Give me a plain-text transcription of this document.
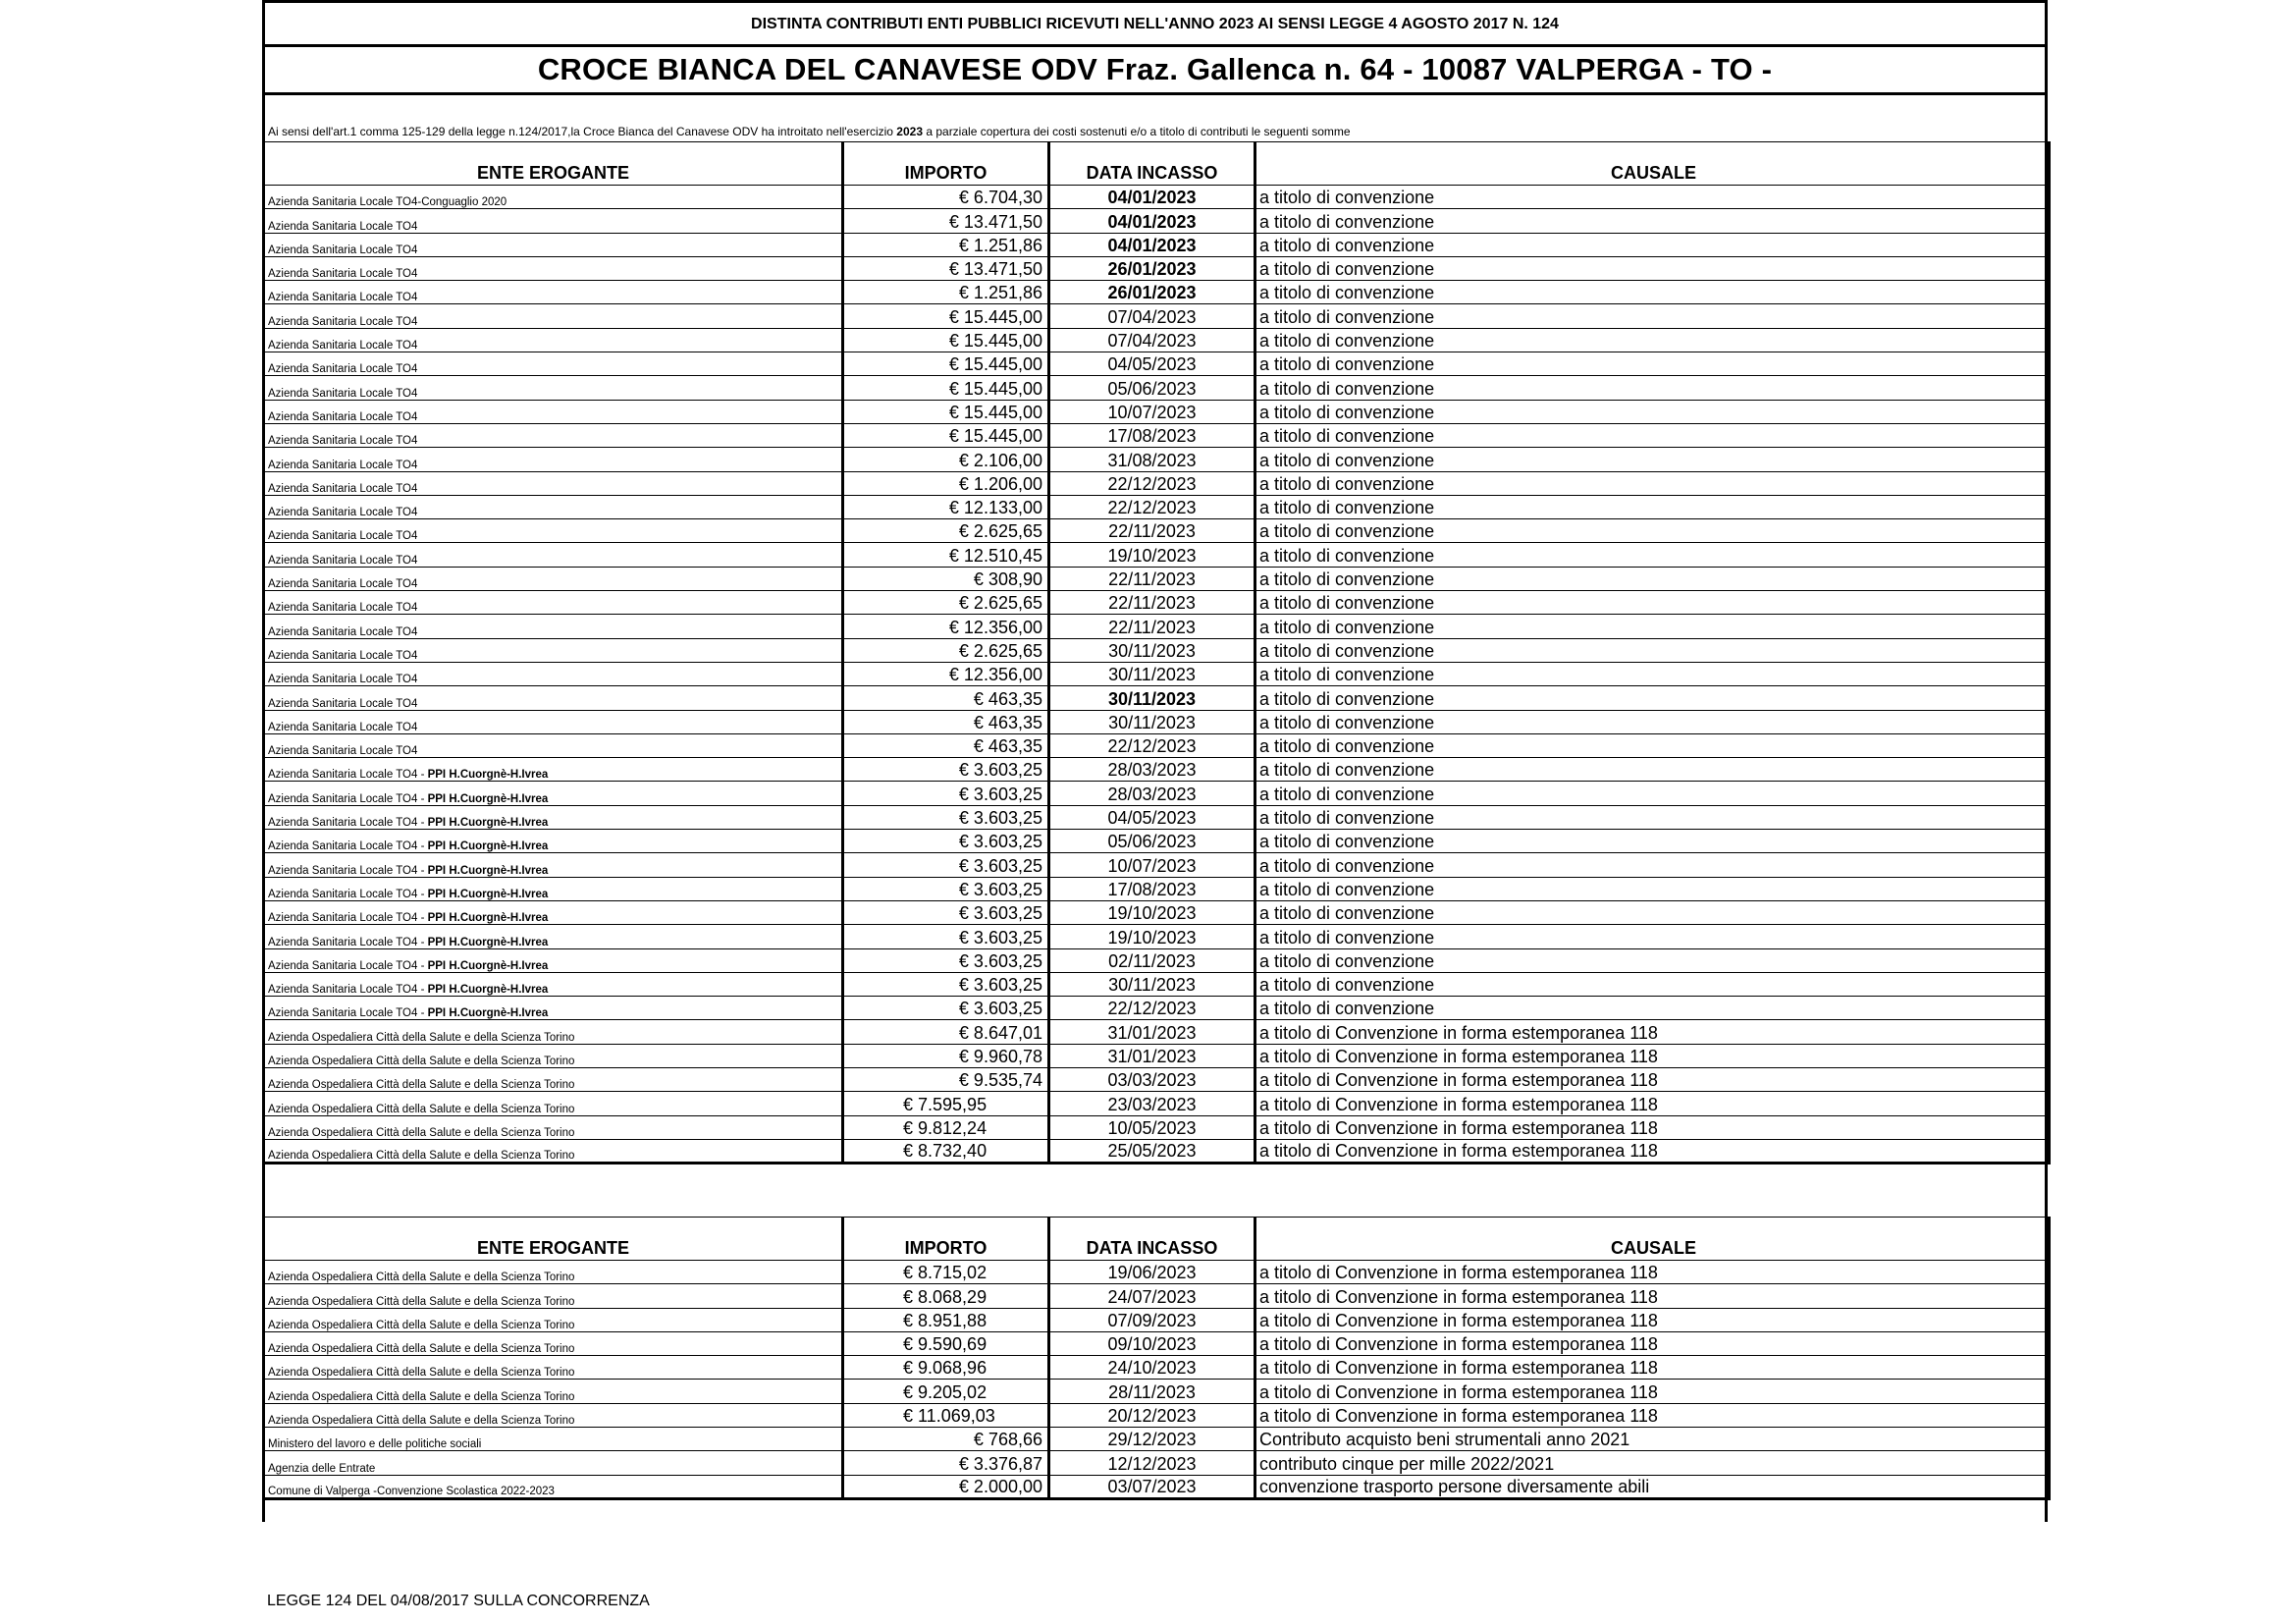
DISTINTA CONTRIBUTI ENTI PUBBLICI RICEVUTI NELL'ANNO 2023 AI SENSI LEGGE 4 AGOSTO 2017 N. 124
CROCE BIANCA DEL CANAVESE ODV Fraz. Gallenca n. 64 - 10087 VALPERGA - TO -
Ai sensi dell'art.1 comma 125-129 della legge n.124/2017,la Croce Bianca del Canavese ODV ha introitato nell'esercizio 2023 a parziale copertura dei costi sostenuti e/o a titolo di contributi le seguenti somme
ENTE EROGANTE	IMPORTO	DATA INCASSO	CAUSALE
Azienda Sanitaria Locale TO4-Conguaglio 2020	€ 6.704,30	04/01/2023	a titolo di convenzione
Azienda Sanitaria Locale TO4	€ 13.471,50	04/01/2023	a titolo di convenzione
Azienda Sanitaria Locale TO4	€ 1.251,86	04/01/2023	a titolo di convenzione
Azienda Sanitaria Locale TO4	€ 13.471,50	26/01/2023	a titolo di convenzione
Azienda Sanitaria Locale TO4	€ 1.251,86	26/01/2023	a titolo di convenzione
Azienda Sanitaria Locale TO4	€ 15.445,00	07/04/2023	a titolo di convenzione
Azienda Sanitaria Locale TO4	€ 15.445,00	07/04/2023	a titolo di convenzione
Azienda Sanitaria Locale TO4	€ 15.445,00	04/05/2023	a titolo di convenzione
Azienda Sanitaria Locale TO4	€ 15.445,00	05/06/2023	a titolo di convenzione
Azienda Sanitaria Locale TO4	€ 15.445,00	10/07/2023	a titolo di convenzione
Azienda Sanitaria Locale TO4	€ 15.445,00	17/08/2023	a titolo di convenzione
Azienda Sanitaria Locale TO4	€ 2.106,00	31/08/2023	a titolo di convenzione
Azienda Sanitaria Locale TO4	€ 1.206,00	22/12/2023	a titolo di convenzione
Azienda Sanitaria Locale TO4	€ 12.133,00	22/12/2023	a titolo di convenzione
Azienda Sanitaria Locale TO4	€ 2.625,65	22/11/2023	a titolo di convenzione
Azienda Sanitaria Locale TO4	€ 12.510,45	19/10/2023	a titolo di convenzione
Azienda Sanitaria Locale TO4	€ 308,90	22/11/2023	a titolo di convenzione
Azienda Sanitaria Locale TO4	€ 2.625,65	22/11/2023	a titolo di convenzione
Azienda Sanitaria Locale TO4	€ 12.356,00	22/11/2023	a titolo di convenzione
Azienda Sanitaria Locale TO4	€ 2.625,65	30/11/2023	a titolo di convenzione
Azienda Sanitaria Locale TO4	€ 12.356,00	30/11/2023	a titolo di convenzione
Azienda Sanitaria Locale TO4	€ 463,35	30/11/2023	a titolo di convenzione
Azienda Sanitaria Locale TO4	€ 463,35	30/11/2023	a titolo di convenzione
Azienda Sanitaria Locale TO4	€ 463,35	22/12/2023	a titolo di convenzione
Azienda Sanitaria Locale TO4 - PPI H.Cuorgnè-H.Ivrea	€ 3.603,25	28/03/2023	a titolo di convenzione
Azienda Sanitaria Locale TO4 - PPI H.Cuorgnè-H.Ivrea	€ 3.603,25	28/03/2023	a titolo di convenzione
Azienda Sanitaria Locale TO4 - PPI H.Cuorgnè-H.Ivrea	€ 3.603,25	04/05/2023	a titolo di convenzione
Azienda Sanitaria Locale TO4 - PPI H.Cuorgnè-H.Ivrea	€ 3.603,25	05/06/2023	a titolo di convenzione
Azienda Sanitaria Locale TO4 - PPI H.Cuorgnè-H.Ivrea	€ 3.603,25	10/07/2023	a titolo di convenzione
Azienda Sanitaria Locale TO4 - PPI H.Cuorgnè-H.Ivrea	€ 3.603,25	17/08/2023	a titolo di convenzione
Azienda Sanitaria Locale TO4 - PPI H.Cuorgnè-H.Ivrea	€ 3.603,25	19/10/2023	a titolo di convenzione
Azienda Sanitaria Locale TO4 - PPI H.Cuorgnè-H.Ivrea	€ 3.603,25	19/10/2023	a titolo di convenzione
Azienda Sanitaria Locale TO4 - PPI H.Cuorgnè-H.Ivrea	€ 3.603,25	02/11/2023	a titolo di convenzione
Azienda Sanitaria Locale TO4 - PPI H.Cuorgnè-H.Ivrea	€ 3.603,25	30/11/2023	a titolo di convenzione
Azienda Sanitaria Locale TO4 - PPI H.Cuorgnè-H.Ivrea	€ 3.603,25	22/12/2023	a titolo di convenzione
Azienda Ospedaliera Città della Salute e della Scienza Torino	€ 8.647,01	31/01/2023	a titolo di Convenzione in forma estemporanea 118
Azienda Ospedaliera Città della Salute e della Scienza Torino	€ 9.960,78	31/01/2023	a titolo di Convenzione in forma estemporanea 118
Azienda Ospedaliera Città della Salute e della Scienza Torino	€ 9.535,74	03/03/2023	a titolo di Convenzione in forma estemporanea 118
Azienda Ospedaliera Città della Salute e della Scienza Torino	€ 7.595,95	23/03/2023	a titolo di Convenzione in forma estemporanea 118
Azienda Ospedaliera Città della Salute e della Scienza Torino	€ 9.812,24	10/05/2023	a titolo di Convenzione in forma estemporanea 118
Azienda Ospedaliera Città della Salute e della Scienza Torino	€ 8.732,40	25/05/2023	a titolo di Convenzione in forma estemporanea 118
ENTE EROGANTE	IMPORTO	DATA INCASSO	CAUSALE
Azienda Ospedaliera Città della Salute e della Scienza Torino	€ 8.715,02	19/06/2023	a titolo di Convenzione in forma estemporanea 118
Azienda Ospedaliera Città della Salute e della Scienza Torino	€ 8.068,29	24/07/2023	a titolo di Convenzione in forma estemporanea 118
Azienda Ospedaliera Città della Salute e della Scienza Torino	€ 8.951,88	07/09/2023	a titolo di Convenzione in forma estemporanea 118
Azienda Ospedaliera Città della Salute e della Scienza Torino	€ 9.590,69	09/10/2023	a titolo di Convenzione in forma estemporanea 118
Azienda Ospedaliera Città della Salute e della Scienza Torino	€ 9.068,96	24/10/2023	a titolo di Convenzione in forma estemporanea 118
Azienda Ospedaliera Città della Salute e della Scienza Torino	€ 9.205,02	28/11/2023	a titolo di Convenzione in forma estemporanea 118
Azienda Ospedaliera Città della Salute e della Scienza Torino	€ 11.069,03	20/12/2023	a titolo di Convenzione in forma estemporanea 118
Ministero del lavoro e delle politiche sociali	€ 768,66	29/12/2023	Contributo acquisto beni strumentali anno 2021
Agenzia delle Entrate	€ 3.376,87	12/12/2023	contributo cinque per mille 2022/2021
Comune di Valperga -Convenzione Scolastica 2022-2023	€ 2.000,00	03/07/2023	convenzione trasporto persone diversamente abili
LEGGE 124 DEL 04/08/2017 SULLA CONCORRENZA
